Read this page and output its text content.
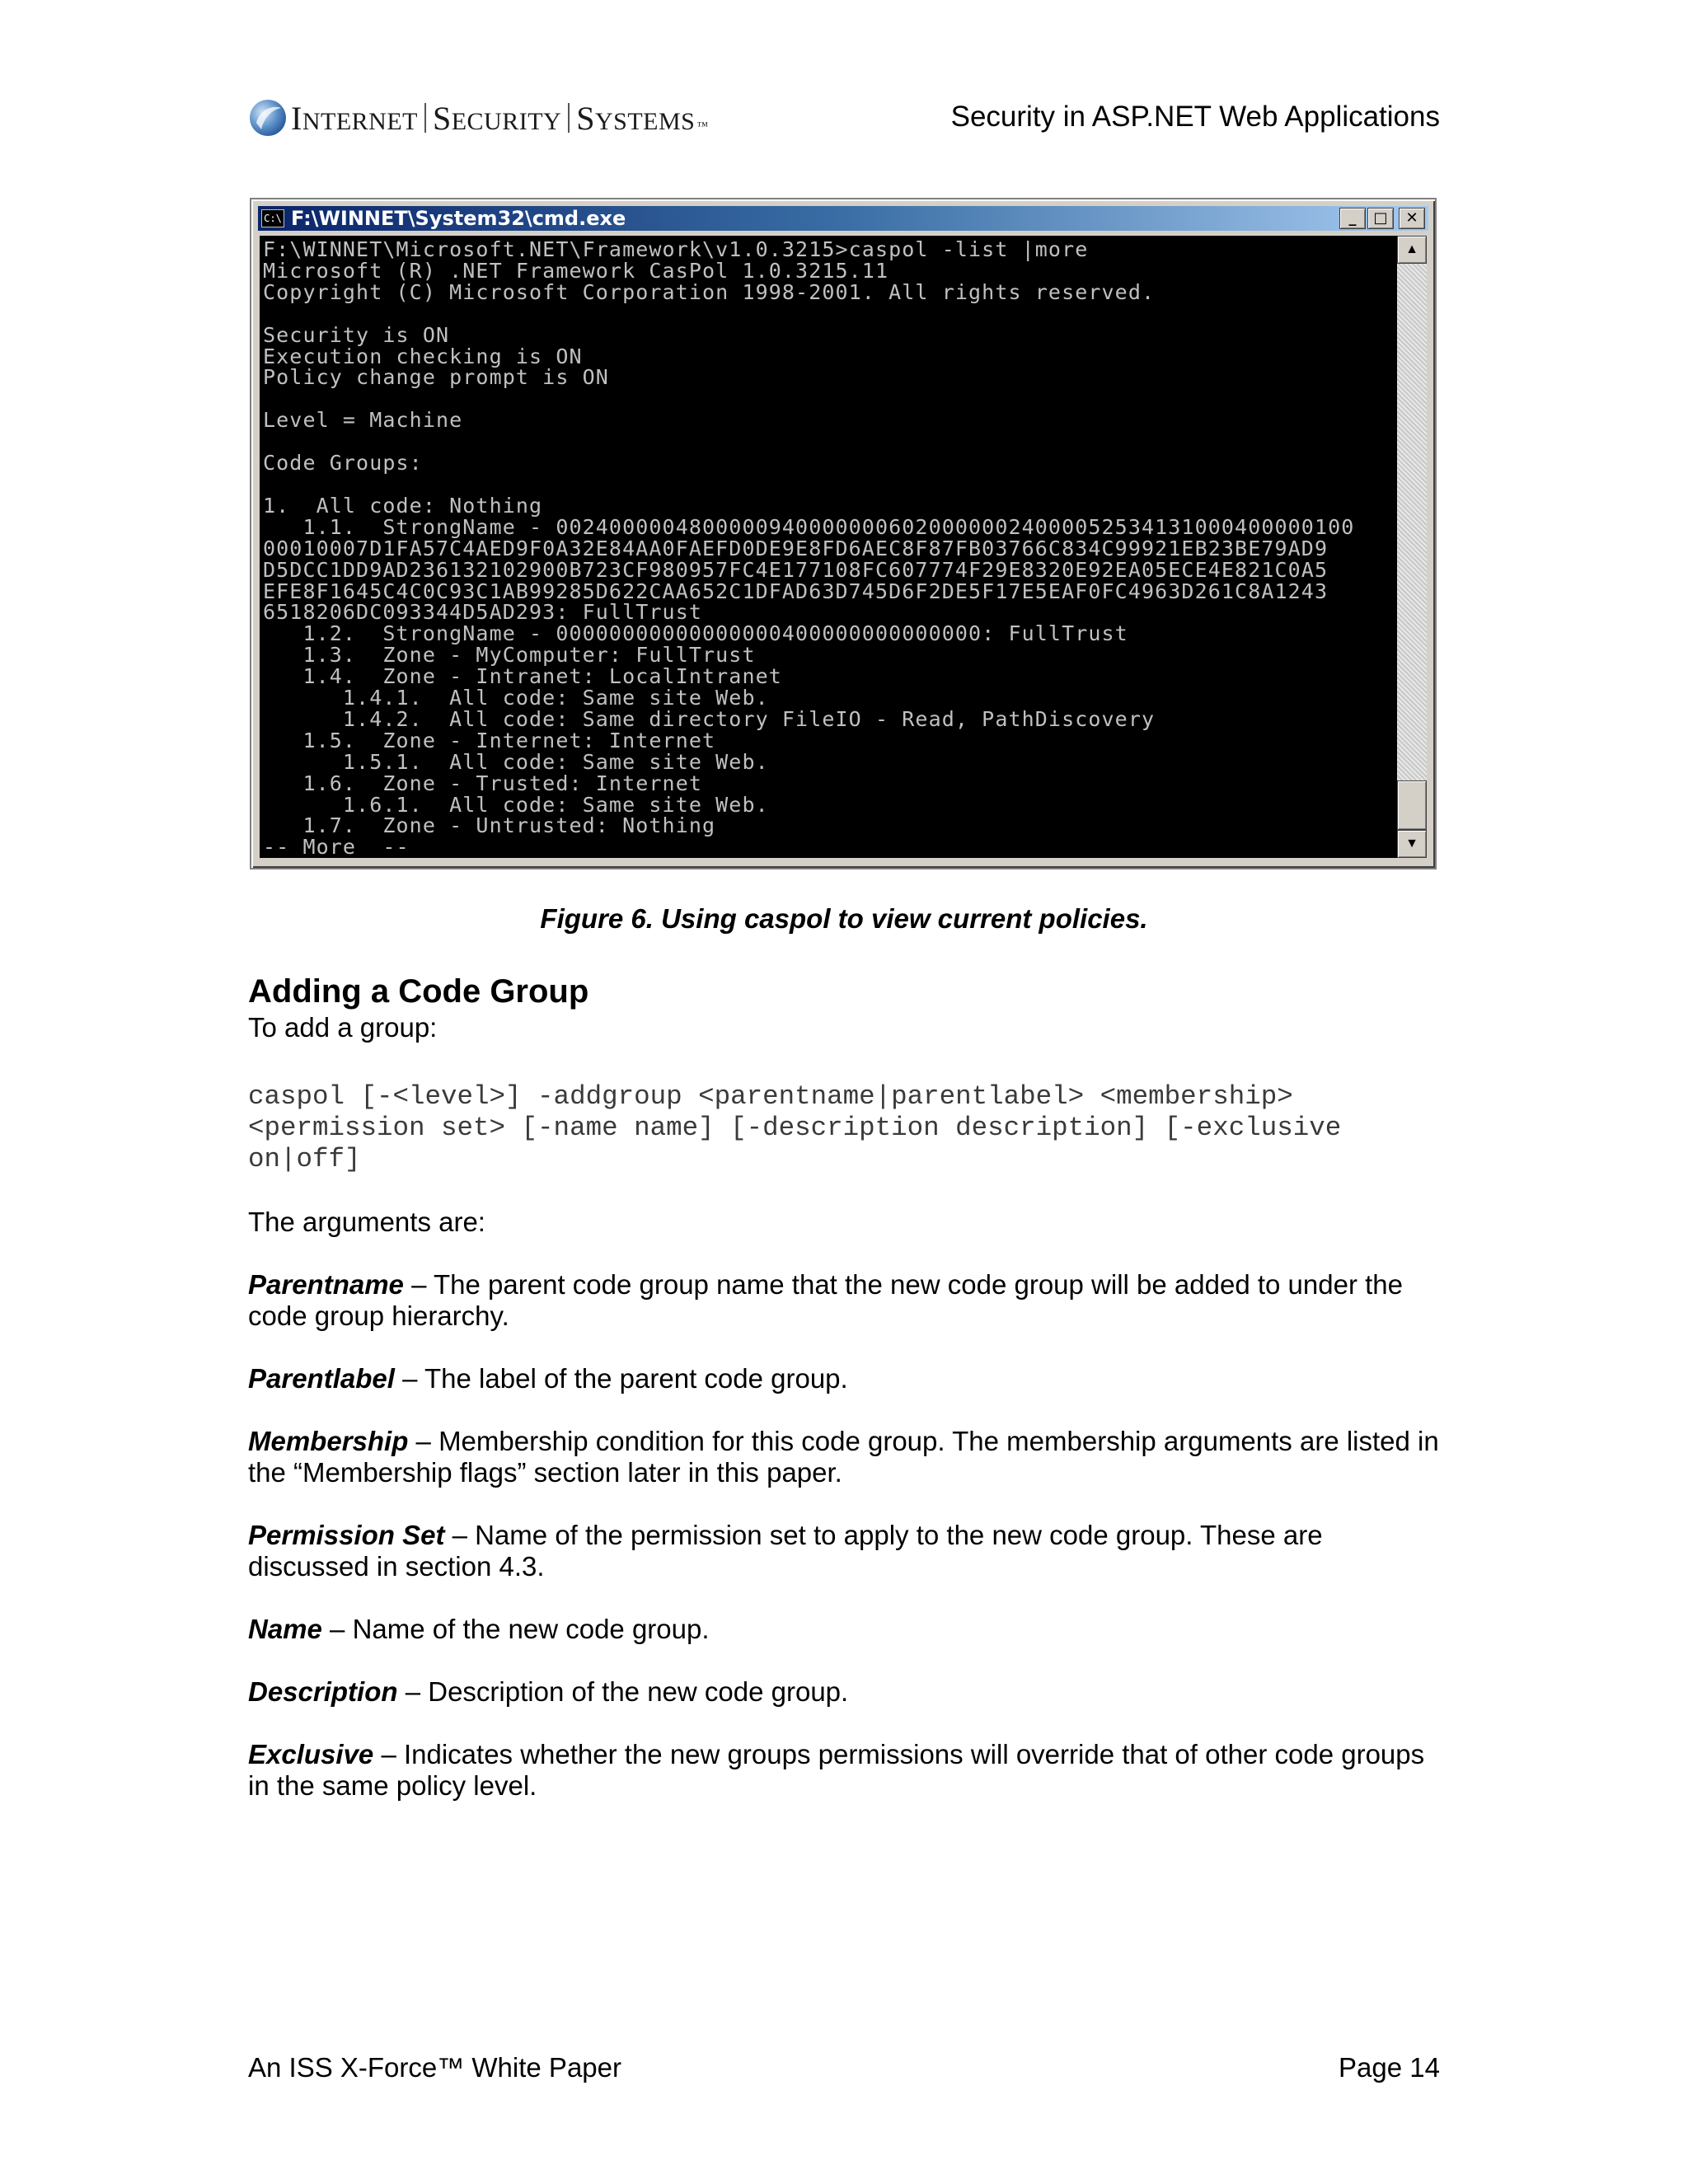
I NTERNET S ECURITY S YSTEMS ™	Security in ASP.NET Web Applications
C:\ F:\WINNET\System32\cmd.exe	_	□	✕
F:\WINNET\Microsoft.NET\Framework\v1.0.3215>caspol -list |more
Microsoft (R) .NET Framework CasPol 1.0.3215.11
Copyright (C) Microsoft Corporation 1998-2001. All rights reserved.

Security is ON
Execution checking is ON
Policy change prompt is ON

Level = Machine

Code Groups:

1.  All code: Nothing
1.1.  StrongName - 002400000480000094000000060200000024000052534131000400000100
00010007D1FA57C4AED9F0A32E84AA0FAEFD0DE9E8FD6AEC8F87FB03766C834C99921EB23BE79AD9
D5DCC1DD9AD236132102900B723CF980957FC4E177108FC607774F29E8320E92EA05ECE4E821C0A5
EFE8F1645C4C0C93C1AB99285D622CAA652C1DFAD63D745D6F2DE5F17E5EAF0FC4963D261C8A1243
6518206DC093344D5AD293: FullTrust
1.2.  StrongName - 00000000000000000400000000000000: FullTrust
1.3.  Zone - MyComputer: FullTrust
1.4.  Zone - Intranet: LocalIntranet
1.4.1.  All code: Same site Web.
1.4.2.  All code: Same directory FileIO - Read, PathDiscovery
1.5.  Zone - Internet: Internet
1.5.1.  All code: Same site Web.
1.6.  Zone - Trusted: Internet
1.6.1.  All code: Same site Web.
1.7.  Zone - Untrusted: Nothing
-- More  --
▲
▼
Figure 6. Using caspol to view current policies.
Adding a Code Group

To add a group:

caspol [-<level>] -addgroup <parentname|parentlabel> <membership>
<permission set> [-name name] [-description description] [-exclusive
on|off]

The arguments are:

Parentname – The parent code group name that the new code group will be added to under the code group hierarchy.

Parentlabel – The label of the parent code group.

Membership – Membership condition for this code group. The membership arguments are listed in the “Membership flags” section later in this paper.

Permission Set – Name of the permission set to apply to the new code group. These are discussed in section 4.3.

Name – Name of the new code group.

Description – Description of the new code group.

Exclusive – Indicates whether the new groups permissions will override that of other code groups in the same policy level.

An ISS X-Force™ White Paper	Page 14
